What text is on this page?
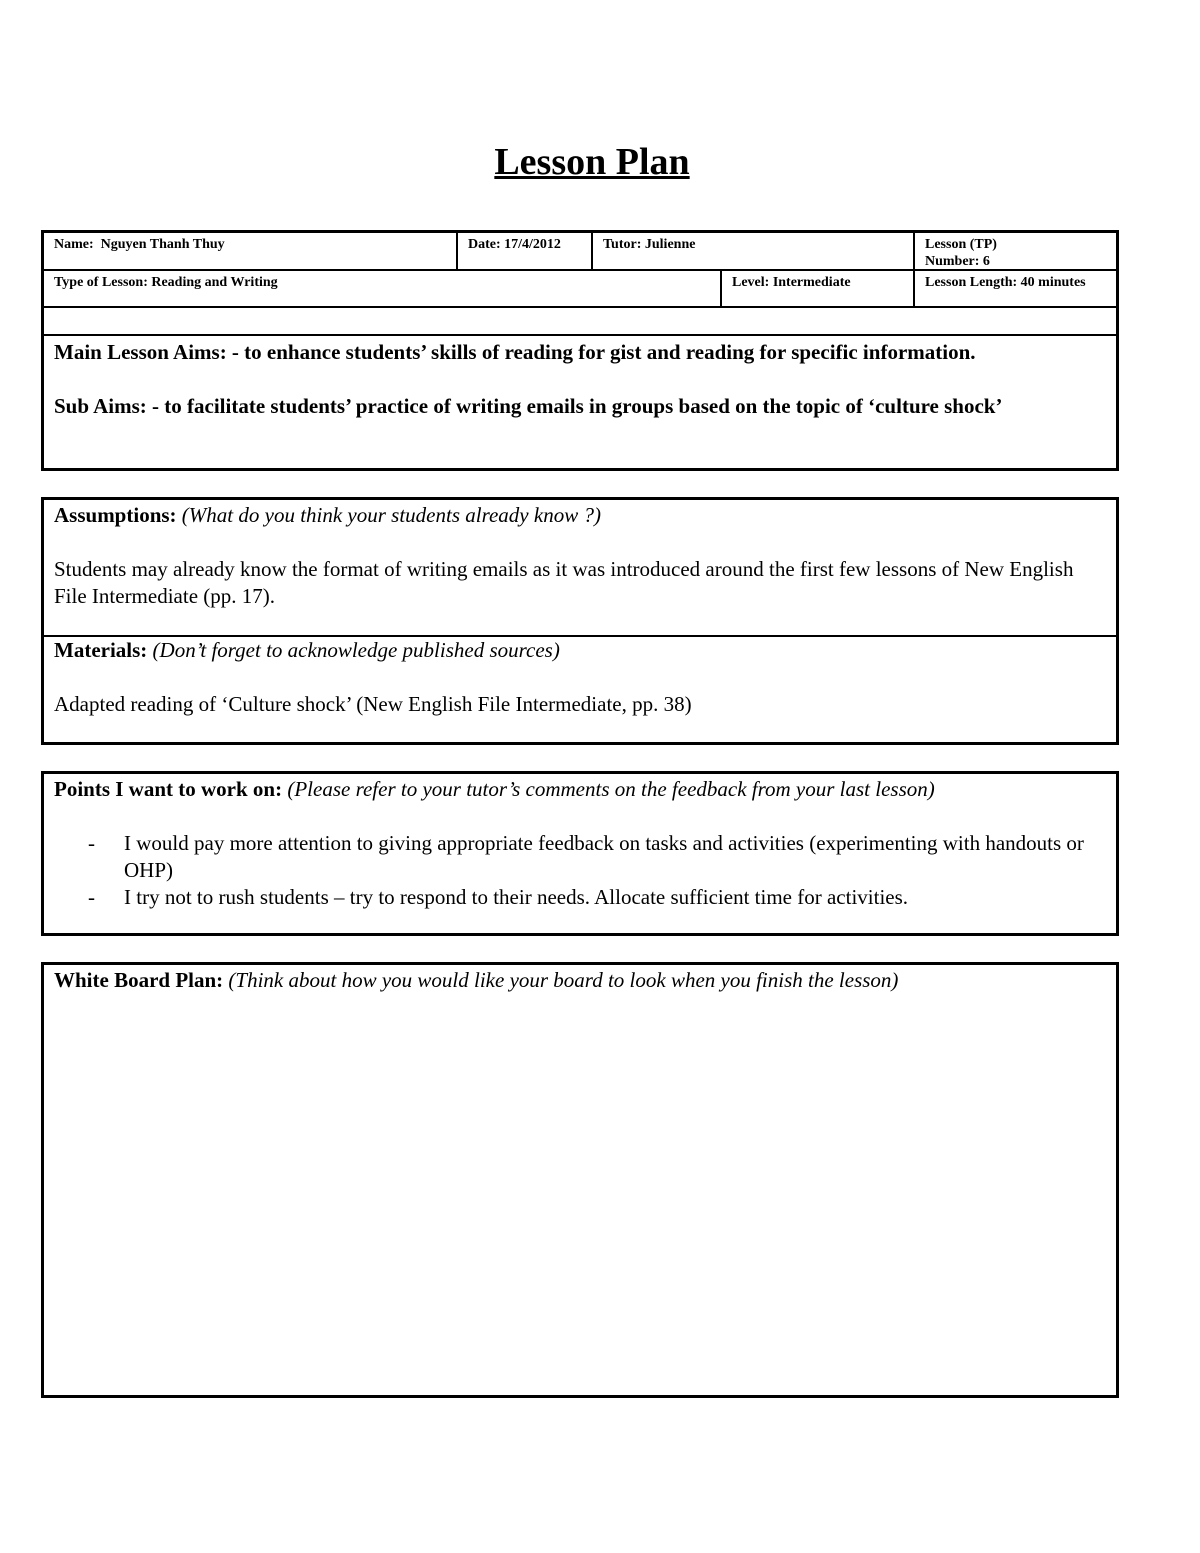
Lesson Plan
Name: Nguyen Thanh Thuy	Date: 17/4/2012	Tutor: Julienne	Lesson (TP)
Number: 6
Type of Lesson: Reading and Writing	Level: Intermediate	Lesson Length: 40 minutes

Main Lesson Aims: - to enhance students’ skills of reading for gist and reading for specific information.

Sub Aims: - to facilitate students’ practice of writing emails in groups based on the topic of ‘culture shock’

Assumptions: (What do you think your students already know ?)

Students may already know the format of writing emails as it was introduced around the first few lessons of New English File Intermediate (pp. 17).

Materials: (Don’t forget to acknowledge published sources)

Adapted reading of ‘Culture shock’ (New English File Intermediate, pp. 38)

Points I want to work on: (Please refer to your tutor’s comments on the feedback from your last lesson)

- I would pay more attention to giving appropriate feedback on tasks and activities (experimenting with handouts or OHP)
- I try not to rush students – try to respond to their needs. Allocate sufficient time for activities.

White Board Plan: (Think about how you would like your board to look when you finish the lesson)
